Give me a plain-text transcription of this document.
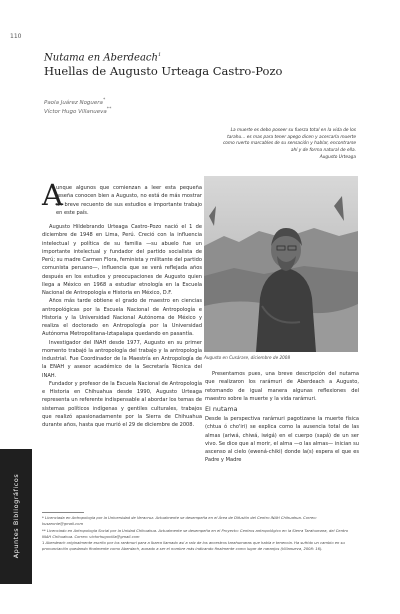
110
Nutama en Aberdeach$^1$
Huellas de Augusto Urteaga Castro-Pozo
Paola Juárez Noguera*
Víctor Hugo Villanueva**
La muerte es debo poseer su fuerza total en la vida de los tarahu... es mas para tener apego dicen y acercarla muerte como ruerto marcables de su sensación y hablar, encontrarse ahí y de forma natural de ella.
Augusto Urteaga
A

unque algunos que comienzan a leer esta pequeña reseña conocen bien a Augusto, no está de más mostrar un breve recuento de sus estudios e importante trabajo en este país.

Augusto Hildebrando Urteaga Castro-Pozo nació el 1 de diciembre de 1948 en Lima, Perú. Creció con la influencia intelectual y política de su familia —su abuelo fue un importante intelectual y fundador del partido socialista de Perú; su madre Carmen Flora, feminista y militante del partido comunista peruano—, influencia que se verá reflejada años después en los estudios y preocupaciones de Augusto quien llega a México en 1968 a estudiar etnología en la Escuela Nacional de Antropología e Historia en México, D.F.

Años más tarde obtiene el grado de maestro en ciencias antropológicas por la Escuela Nacional de Antropología e Historia y la Universidad Nacional Autónoma de México y realiza el doctorado en Antropología por la Universidad Autónoma Metropolitana-Iztapalapa quedando en pasantía.

Investigador del INAH desde 1977, Augusto en su primer momento trabajó la antropología del trabajo y la antropología industrial. Fue Coordinador de la Maestría en Antropología de la ENAH y asesor académico de la Secretaría Técnica del INAH.

Fundador y profesor de la Escuela Nacional de Antropología e Historia en Chihuahua desde 1990, Augusto Urteaga representa un referente indispensable al abordar los temas de sistemas políticos indígenas y gentiles culturales, trabajos que realizó apasionadamente por la Sierra de Chihuahua durante años, hasta que murió el 29 de diciembre de 2008.

Augusto en Cusárare, diciembre de 2008

Presentamos pues, una breve descripción del nutama que realizaron los rarámuri de Aberdeach a Augusto, retomando de igual manera algunas reflexiones del maestro sobre la muerte y la vida rarámuri.

El nutama

Desde la perspectiva rarámuri pagotizane la muerte física (chtua ó cho'iri) se explica como la ausencia total de las almas (ariwá, chiwá, iwigá) en el cuerpo (sapá) de un ser vivo. Se dice que al morir, el alma —o las almas— inician su ascenso al cielo (ewená-chiki) donde la(s) espera el que es Padre y Madre

Apuntes Bibliográficos	* Licenciada en Antropología por la Universidad de Veracruz. Actualmente se desempeña en el Área de Difusión del Centro INAH Chihuahua. Correo: kusaronie@gmail.com

** Licenciado en Antropología Social por la Unidad Chihuahua. Actualmente se desempeña en el Proyecto: Centros antropológico en la Sierra Tarahumara, del Centro INAH Chihuahua. Correo: victorhugovilla@gmail.com

1 Aberdeach originalmente escrito por los rarámuri para a Ibarra llamado así a raíz de los ancestros tarahumaras que había e tenencia. Ha sufrido un cambio en su pronunciación quedando finalmente como Aberdach, aunado a ser el nombre más indicando finalmente como lugar de naranjos (Villanueva, 2008: 16).
